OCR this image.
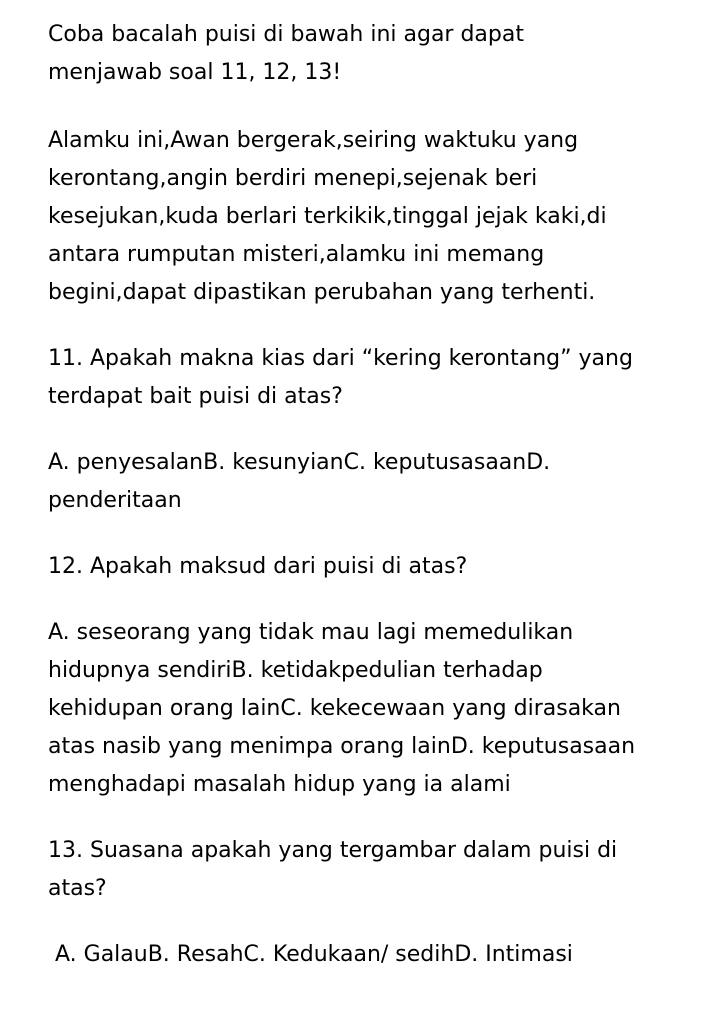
Coba bacalah puisi di bawah ini agar dapat
menjawab soal 11, 12, 13!
Alamku ini,Awan bergerak,seiring waktuku yang
kerontang,angin berdiri menepi,sejenak beri
kesejukan,kuda berlari terkikik,tinggal jejak kaki,di
antara rumputan misteri,alamku ini memang
begini,dapat dipastikan perubahan yang terhenti.
11. Apakah makna kias dari “kering kerontang” yang
terdapat bait puisi di atas?
A. penyesalanB. kesunyianC. keputusasaanD.
penderitaan
12. Apakah maksud dari puisi di atas?
A. seseorang yang tidak mau lagi memedulikan
hidupnya sendiriB. ketidakpedulian terhadap
kehidupan orang lainC. kekecewaan yang dirasakan
atas nasib yang menimpa orang lainD. keputusasaan
menghadapi masalah hidup yang ia alami
13. Suasana apakah yang tergambar dalam puisi di
atas?
A. GalauB. ResahC. Kedukaan/ sedihD. Intimasi
